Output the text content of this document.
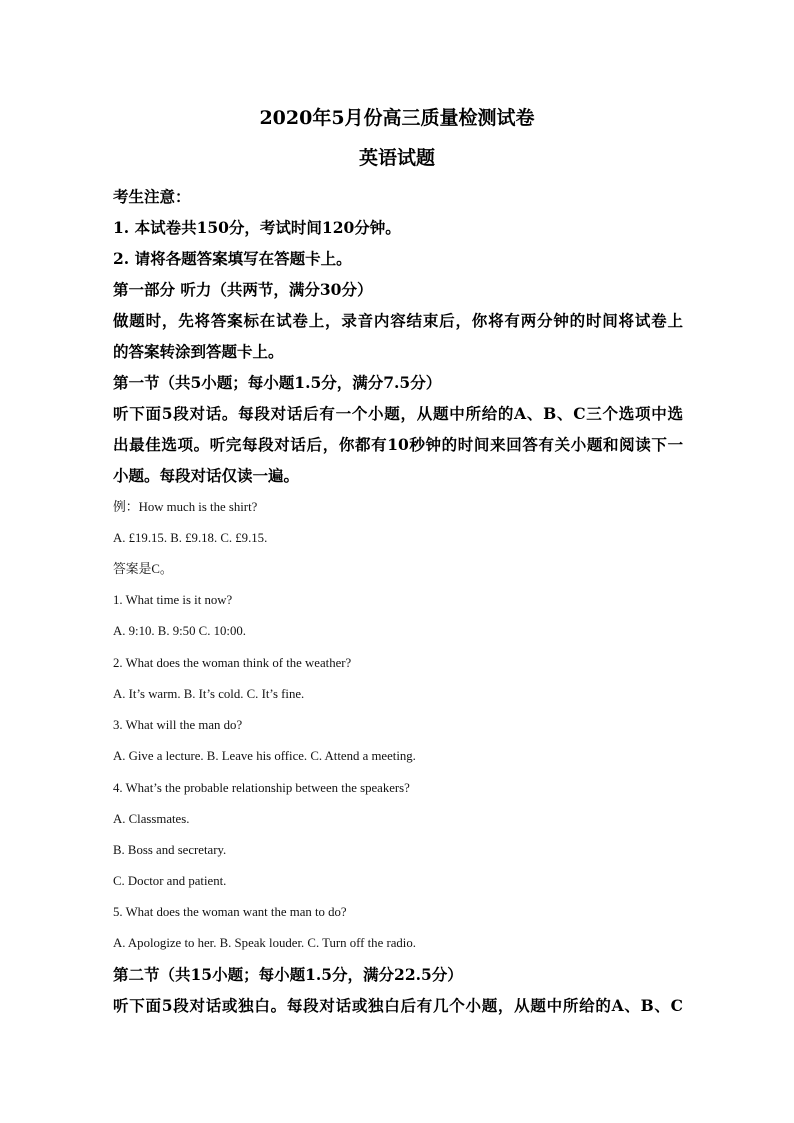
2020年5月份高三质量检测试卷
英语试题
考生注意：
1. 本试卷共150分，考试时间120分钟。
2. 请将各题答案填写在答题卡上。
第一部分 听力（共两节，满分30分）
做题时，先将答案标在试卷上，录音内容结束后，你将有两分钟的时间将试卷上
的答案转涂到答题卡上。
第一节（共5小题；每小题1.5分，满分7.5分）
听下面5段对话。每段对话后有一个小题，从题中所给的A、B、C三个选项中选
出最佳选项。听完每段对话后，你都有10秒钟的时间来回答有关小题和阅读下一
小题。每段对话仅读一遍。
例：How much is the shirt?
A. £19.15. B. £9.18. C. £9.15.
答案是C。
1. What time is it now?
A. 9:10. B. 9:50 C. 10:00.
2. What does the woman think of the weather?
A. It’s warm. B. It’s cold. C. It’s fine.
3. What will the man do?
A. Give a lecture. B. Leave his office. C. Attend a meeting.
4. What’s the probable relationship between the speakers?
A. Classmates.
B. Boss and secretary.
C. Doctor and patient.
5. What does the woman want the man to do?
A. Apologize to her. B. Speak louder. C. Turn off the radio.
第二节（共15小题；每小题1.5分，满分22.5分）
听下面5段对话或独白。每段对话或独白后有几个小题，从题中所给的A、B、C
